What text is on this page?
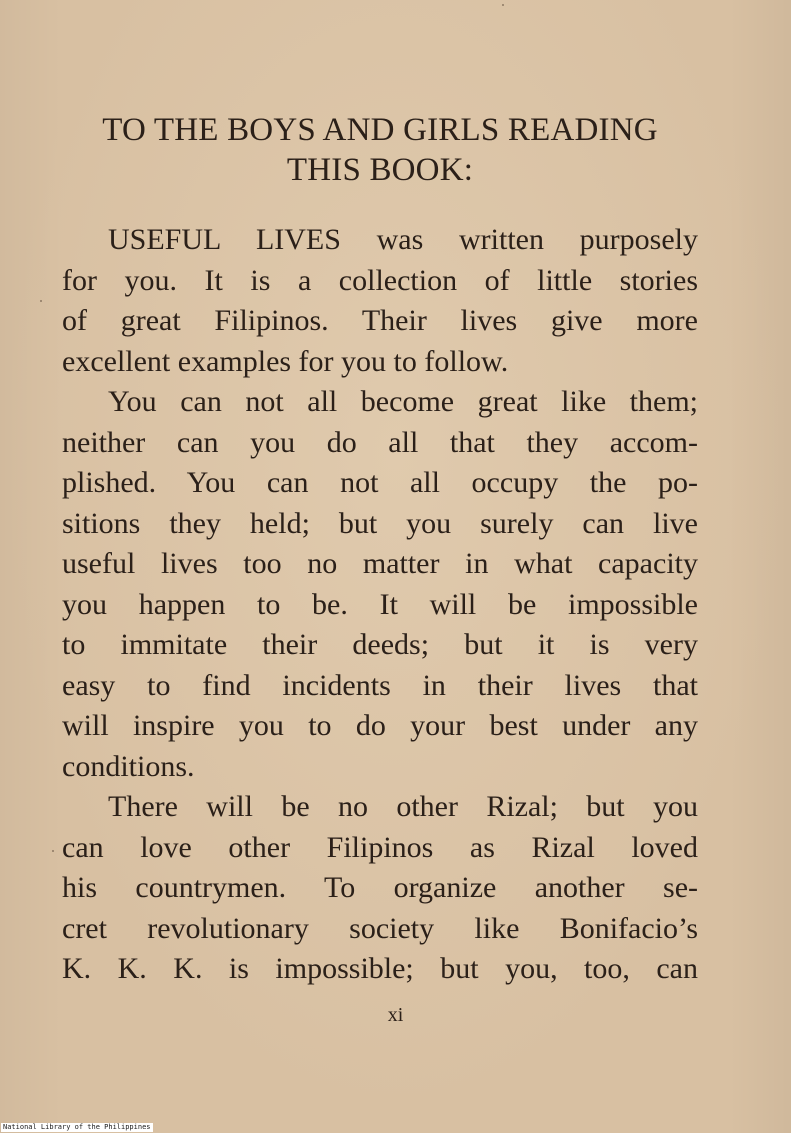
TO THE BOYS AND GIRLS READING
THIS BOOK:
USEFUL LIVES was written purposely
for you. It is a collection of little stories
of great Filipinos. Their lives give more
excellent examples for you to follow.
You can not all become great like them;
neither can you do all that they accom-
plished. You can not all occupy the po-
sitions they held; but you surely can live
useful lives too no matter in what capacity
you happen to be. It will be impossible
to immitate their deeds; but it is very
easy to find incidents in their lives that
will inspire you to do your best under any
conditions.
There will be no other Rizal; but you
can love other Filipinos as Rizal loved
his countrymen. To organize another se-
cret revolutionary society like Bonifacio’s
K. K. K. is impossible; but you, too, can
xi
National Library of the Philippines
